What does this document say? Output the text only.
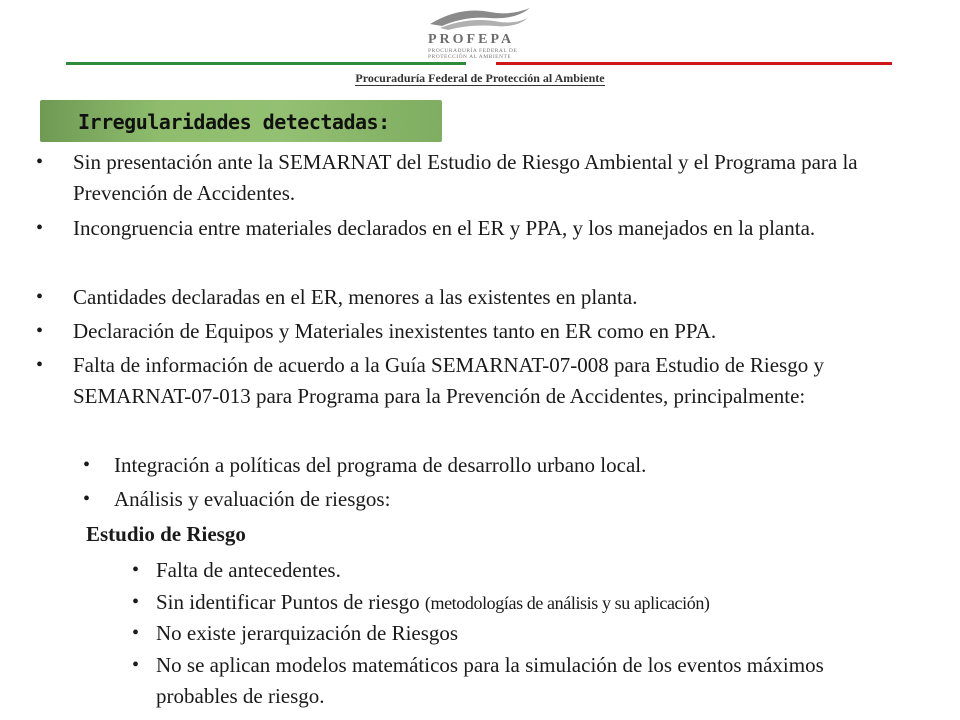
PROFEPA
PROCURADURÍA FEDERAL DE
PROTECCIÓN AL AMBIENTE
Procuraduría Federal de Protección al Ambiente
Irregularidades detectadas:
• Sin presentación ante la SEMARNAT del Estudio de Riesgo Ambiental y el Programa para la Prevención de Accidentes.
• Incongruencia entre materiales declarados en el ER y PPA, y los manejados en la planta.
• Cantidades declaradas en el ER, menores a las existentes en planta.
• Declaración de Equipos y Materiales inexistentes tanto en ER como en PPA.
• Falta de información de acuerdo a la Guía SEMARNAT-07-008 para Estudio de Riesgo y SEMARNAT-07-013 para Programa para la Prevención de Accidentes, principalmente:
• Integración a políticas del programa de desarrollo urbano local.
• Análisis y evaluación de riesgos:
Estudio de Riesgo
• Falta de antecedentes.
• Sin identificar Puntos de riesgo (metodologías de análisis y su aplicación)
• No existe jerarquización de Riesgos
• No se aplican modelos matemáticos para la simulación de los eventos máximos probables de riesgo.
